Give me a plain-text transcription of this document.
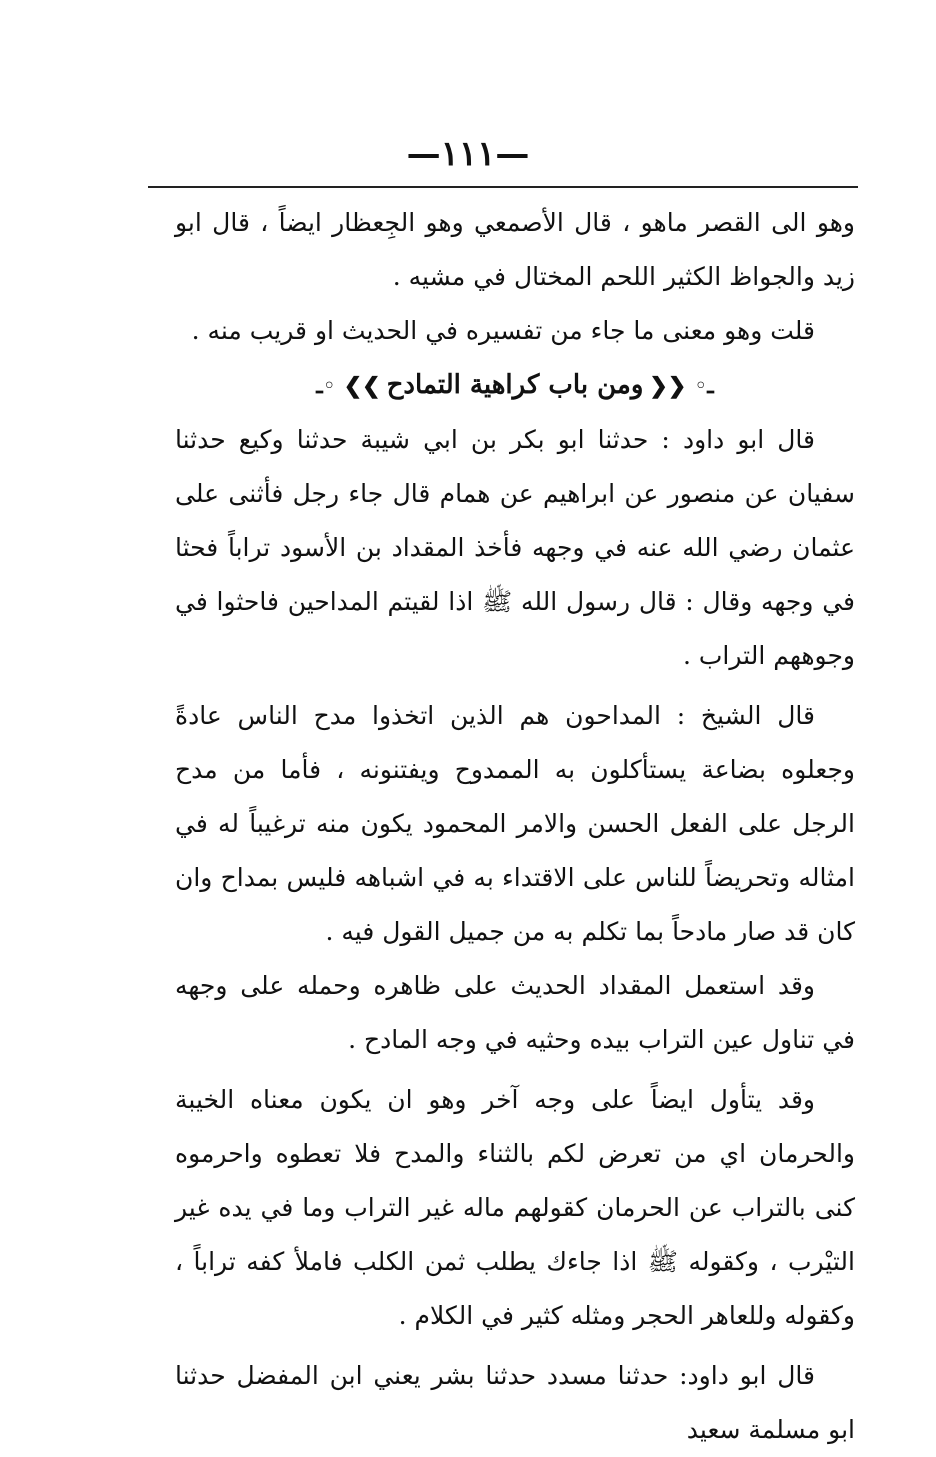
—١١١—

وهو الى القصر ماهو ، قال الأصمعي وهو الجِعظار ايضاً ، قال ابو زيد والجواظ الكثير اللحم المختال في مشيه .

قلت وهو معنى ما جاء من تفسيره في الحديث او قريب منه .

ـ◦❮❮ومن باب كراهية التمادح❯❯◦ـ

قال ابو داود : حدثنا ابو بكر بن ابي شيبة حدثنا وكيع حدثنا سفيان عن منصور عن ابراهيم عن همام قال جاء رجل فأثنى على عثمان رضي الله عنه في وجهه فأخذ المقداد بن الأسود تراباً فحثا في وجهه وقال : قال رسول الله ﷺ اذا لقيتم المداحين فاحثوا في وجوههم التراب .

قال الشيخ : المداحون هم الذين اتخذوا مدح الناس عادةً وجعلوه بضاعة يستأكلون به الممدوح ويفتنونه ، فأما من مدح الرجل على الفعل الحسن والامر المحمود يكون منه ترغيباً له في امثاله وتحريضاً للناس على الاقتداء به في اشباهه فليس بمداح وان كان قد صار مادحاً بما تكلم به من جميل القول فيه .

وقد استعمل المقداد الحديث على ظاهره وحمله على وجهه في تناول عين التراب بيده وحثيه في وجه المادح .

وقد يتأول ايضاً على وجه آخر وهو ان يكون معناه الخيبة والحرمان اي من تعرض لكم بالثناء والمدح فلا تعطوه واحرموه كنى بالتراب عن الحرمان كقولهم ماله غير التراب وما في يده غير التيْرب ، وكقوله ﷺ اذا جاءك يطلب ثمن الكلب فاملأ كفه تراباً ، وكقوله وللعاهر الحجر ومثله كثير في الكلام .

قال ابو داود: حدثنا مسدد حدثنا بشر يعني ابن المفضل حدثنا ابو مسلمة سعيد
